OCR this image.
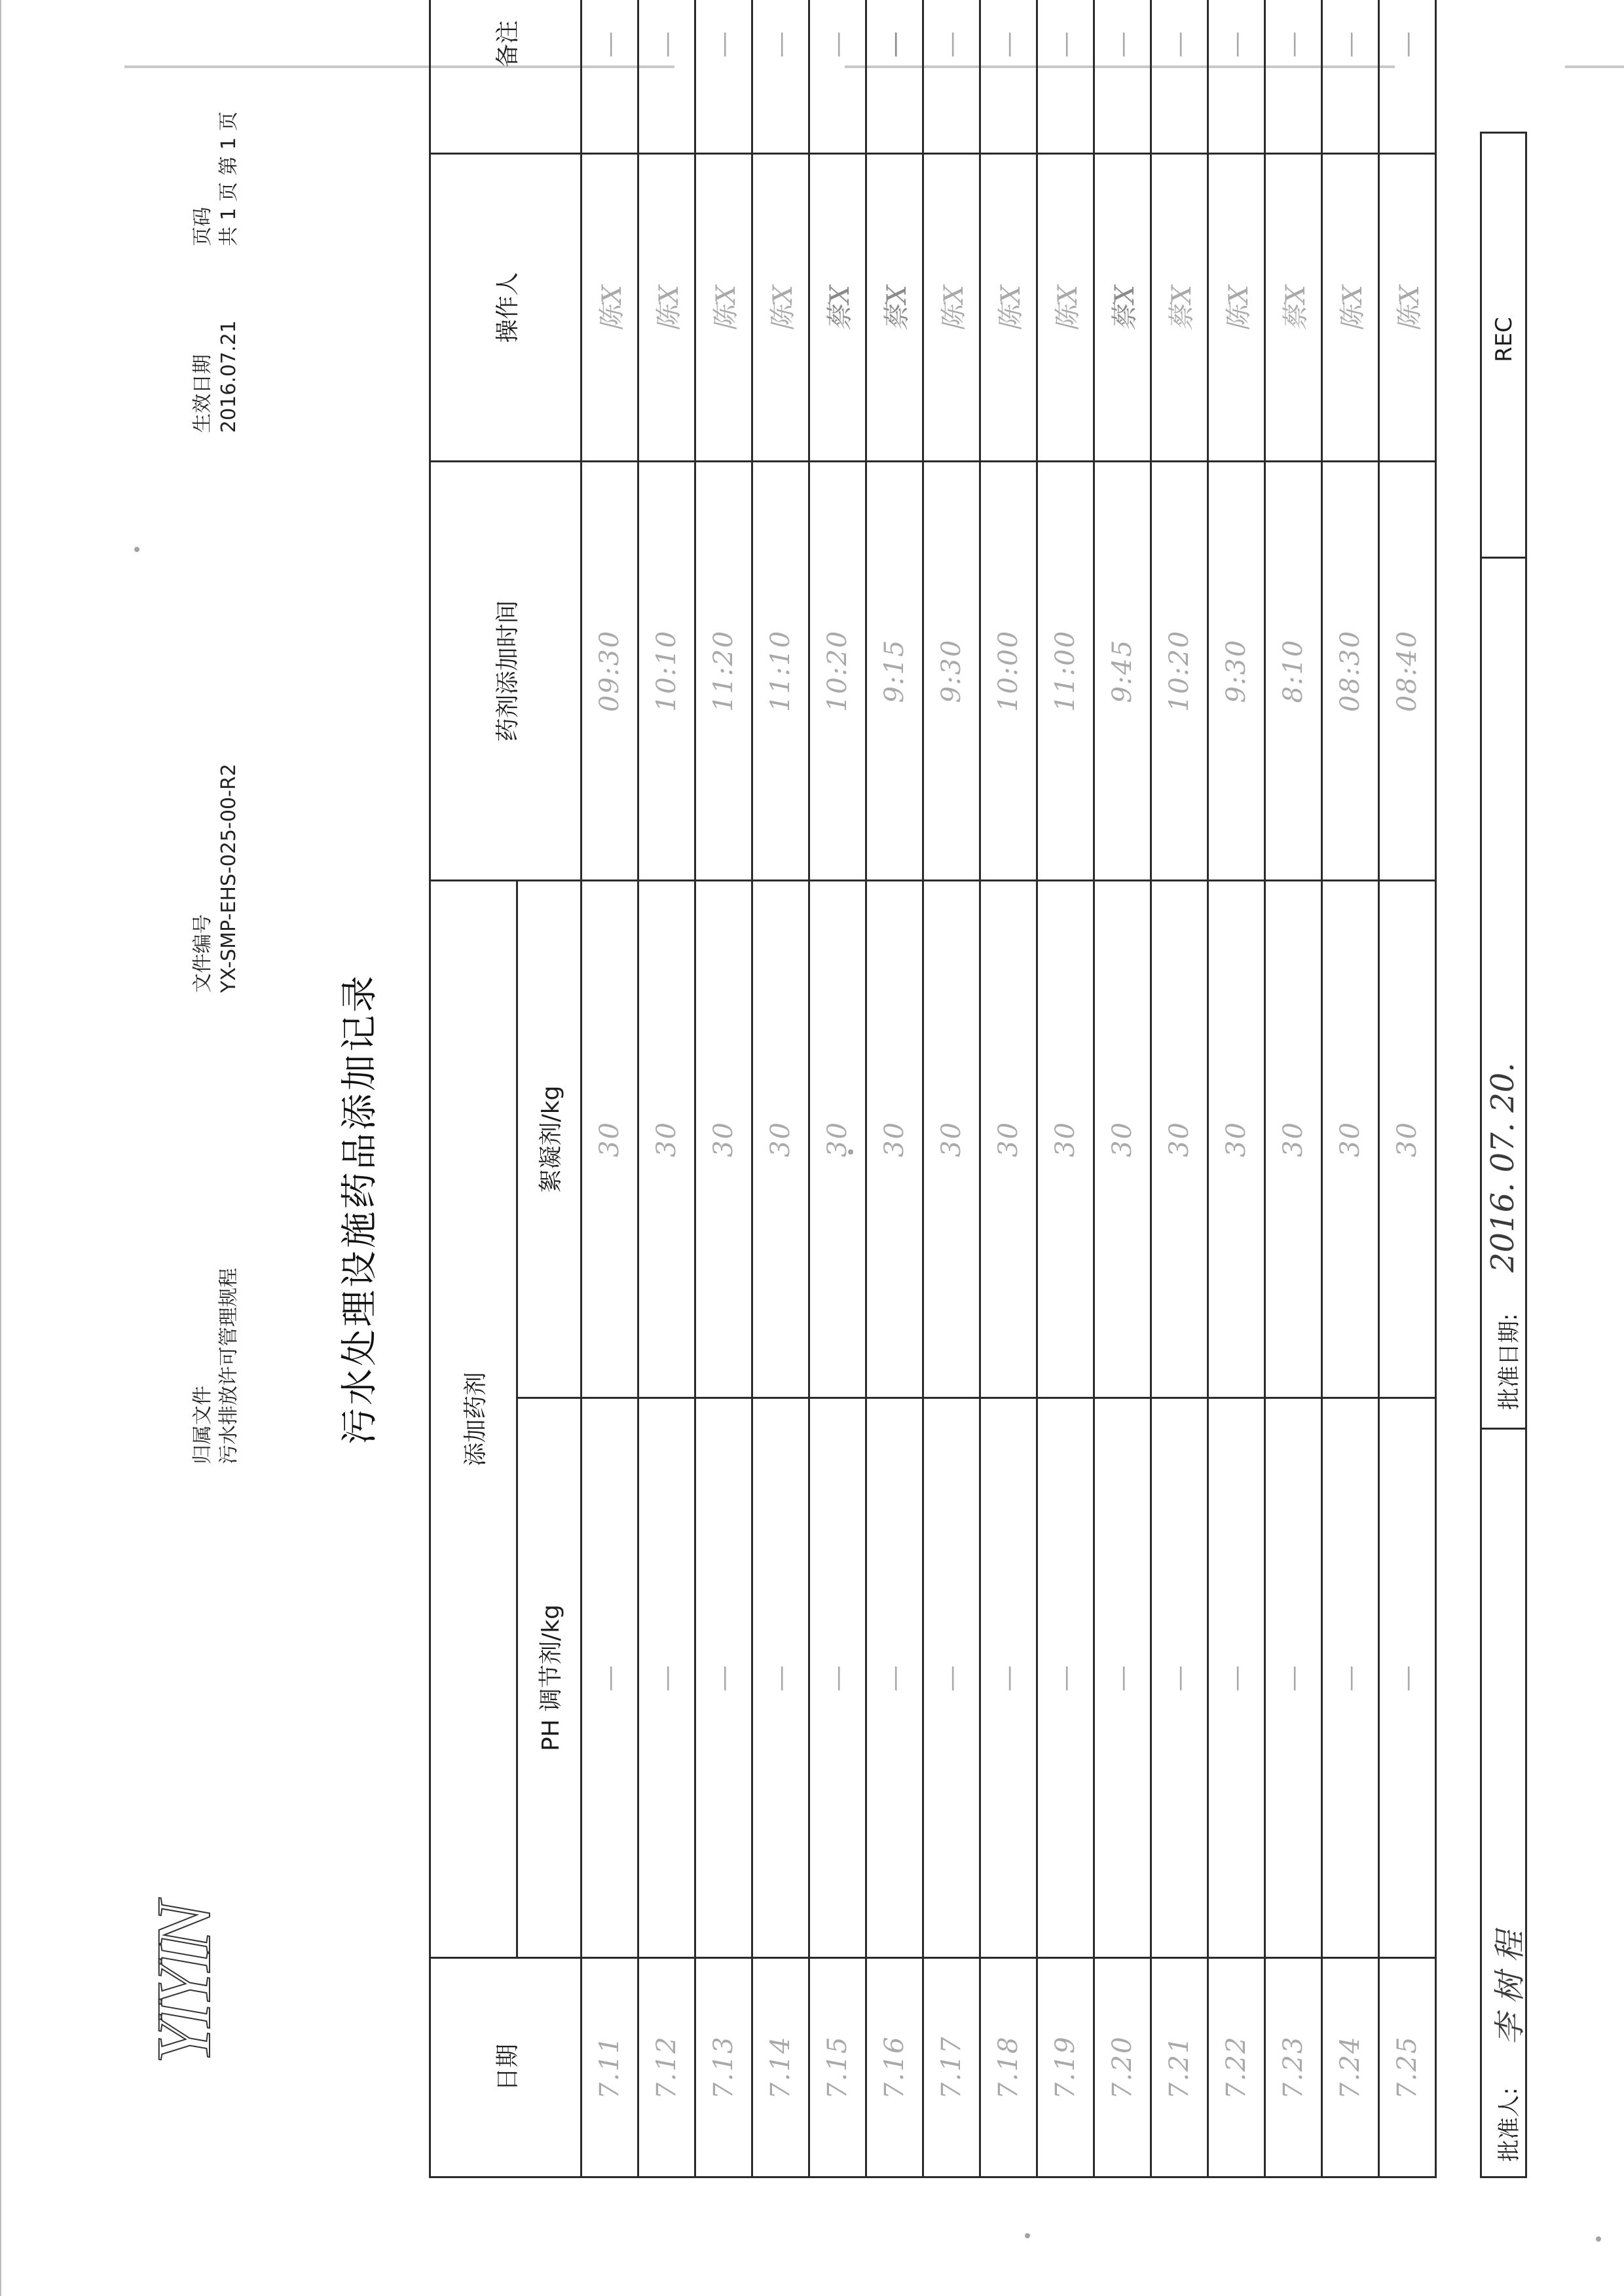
YIYIN
归属文件 污水排放许可管理规程
文件编号 YX-SMP-EHS-025-00-R2
生效日期 2016.07.21
页码 共 1 页 第 1 页
污水处理设施药品添加记录
日期	添加药剂		药剂添加时间	操作人	备注
	PH 调节剂/kg	絮凝剂/kg			
7.11	—	30	09:30	陈X	—
7.12	—	30	10:10	陈X	—
7.13	—	30	11:20	陈X	—
7.14	—	30	11:10	陈X	—
7.15	—	30	10:20	蔡X	—
7.16	—	30	9:15	蔡X	—
7.17	—	30	9:30	陈X	—
7.18	—	30	10:00	陈X	—
7.19	—	30	11:00	陈X	—
7.20	—	30	9:45	蔡X	—
7.21	—	30	10:20	蔡X	—
7.22	—	30	9:30	陈X	—
7.23	—	30	8:10	蔡X	—
7.24	—	30	08:30	陈X	—
7.25	—	30	08:40	陈X	—
批准人:
李 树 程
批准日期:
2016. 07. 20.
REC
